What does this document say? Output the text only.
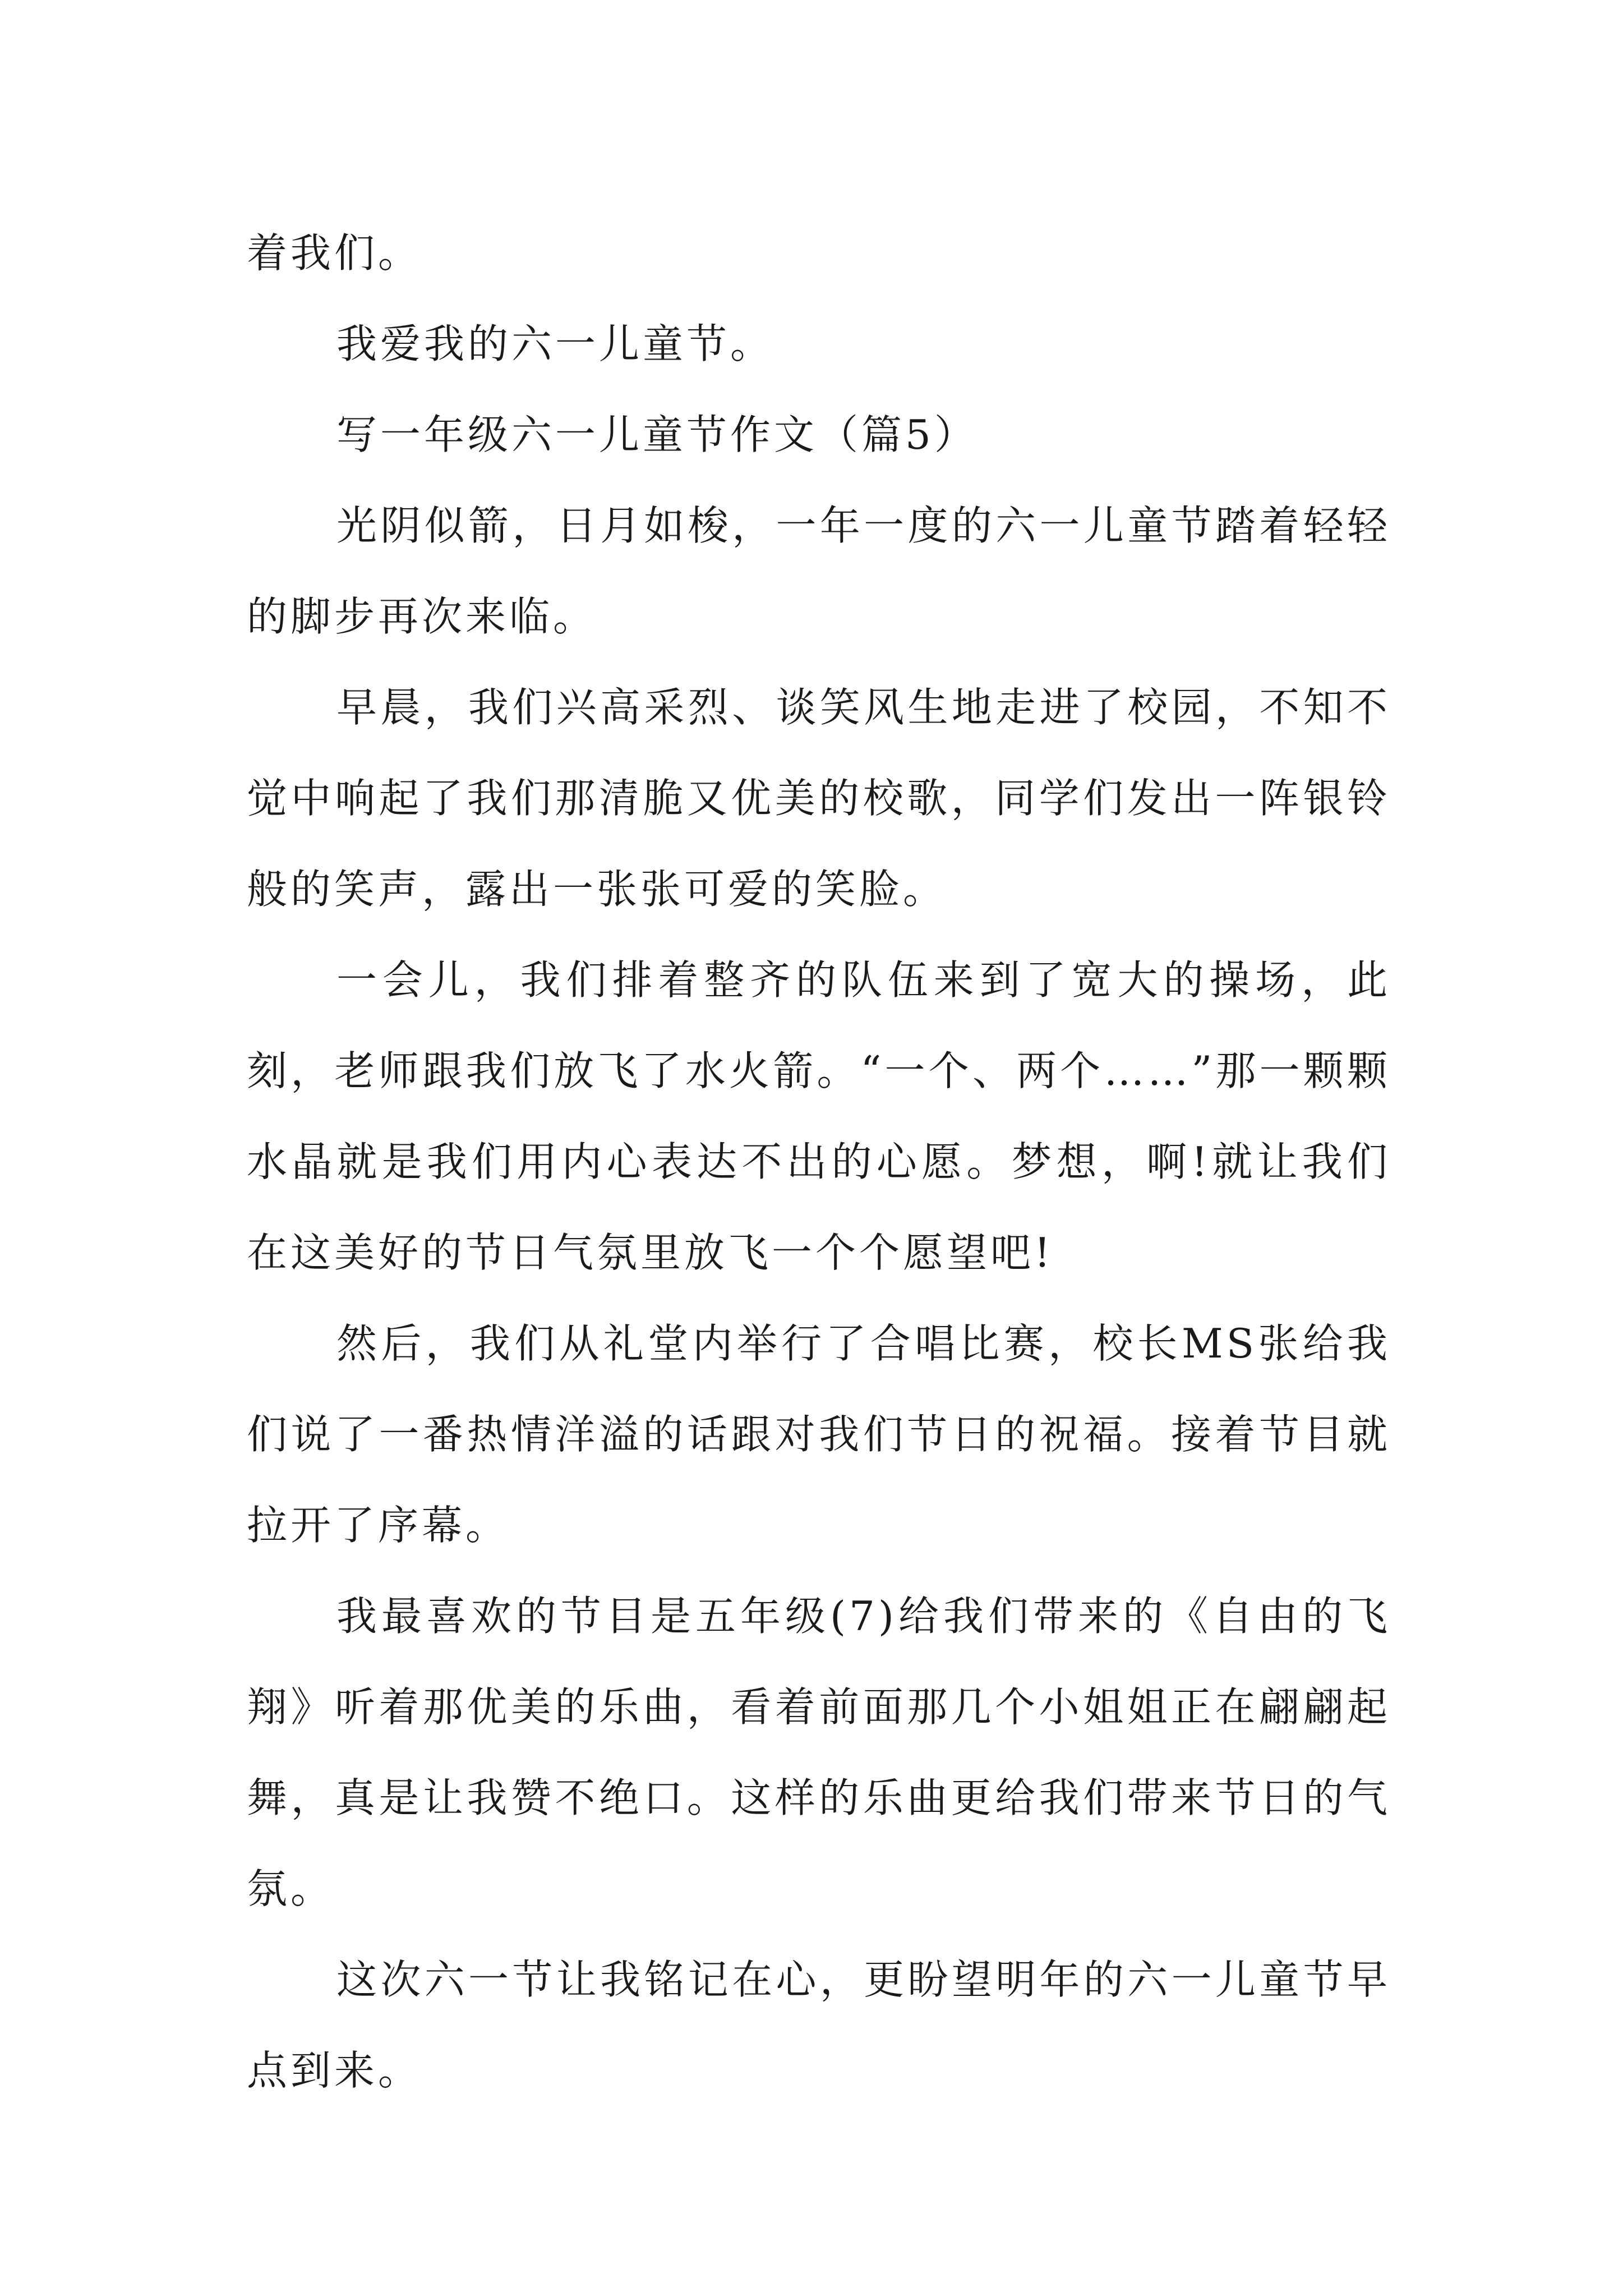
着我们。

我爱我的六一儿童节。

写一年级六一儿童节作文（篇5）

光阴似箭，日月如梭，一年一度的六一儿童节踏着轻轻的脚步再次来临。

早晨，我们兴高采烈、谈笑风生地走进了校园，不知不觉中响起了我们那清脆又优美的校歌，同学们发出一阵银铃般的笑声，露出一张张可爱的笑脸。

一会儿，我们排着整齐的队伍来到了宽大的操场，此刻，老师跟我们放飞了水火箭。“一个、两个……”那一颗颗水晶就是我们用内心表达不出的心愿。梦想，啊!就让我们在这美好的节日气氛里放飞一个个愿望吧!

然后，我们从礼堂内举行了合唱比赛，校长MS张给我们说了一番热情洋溢的话跟对我们节日的祝福。接着节目就拉开了序幕。

我最喜欢的节目是五年级(7)给我们带来的《自由的飞翔》听着那优美的乐曲，看着前面那几个小姐姐正在翩翩起舞，真是让我赞不绝口。这样的乐曲更给我们带来节日的气氛。

这次六一节让我铭记在心，更盼望明年的六一儿童节早点到来。
